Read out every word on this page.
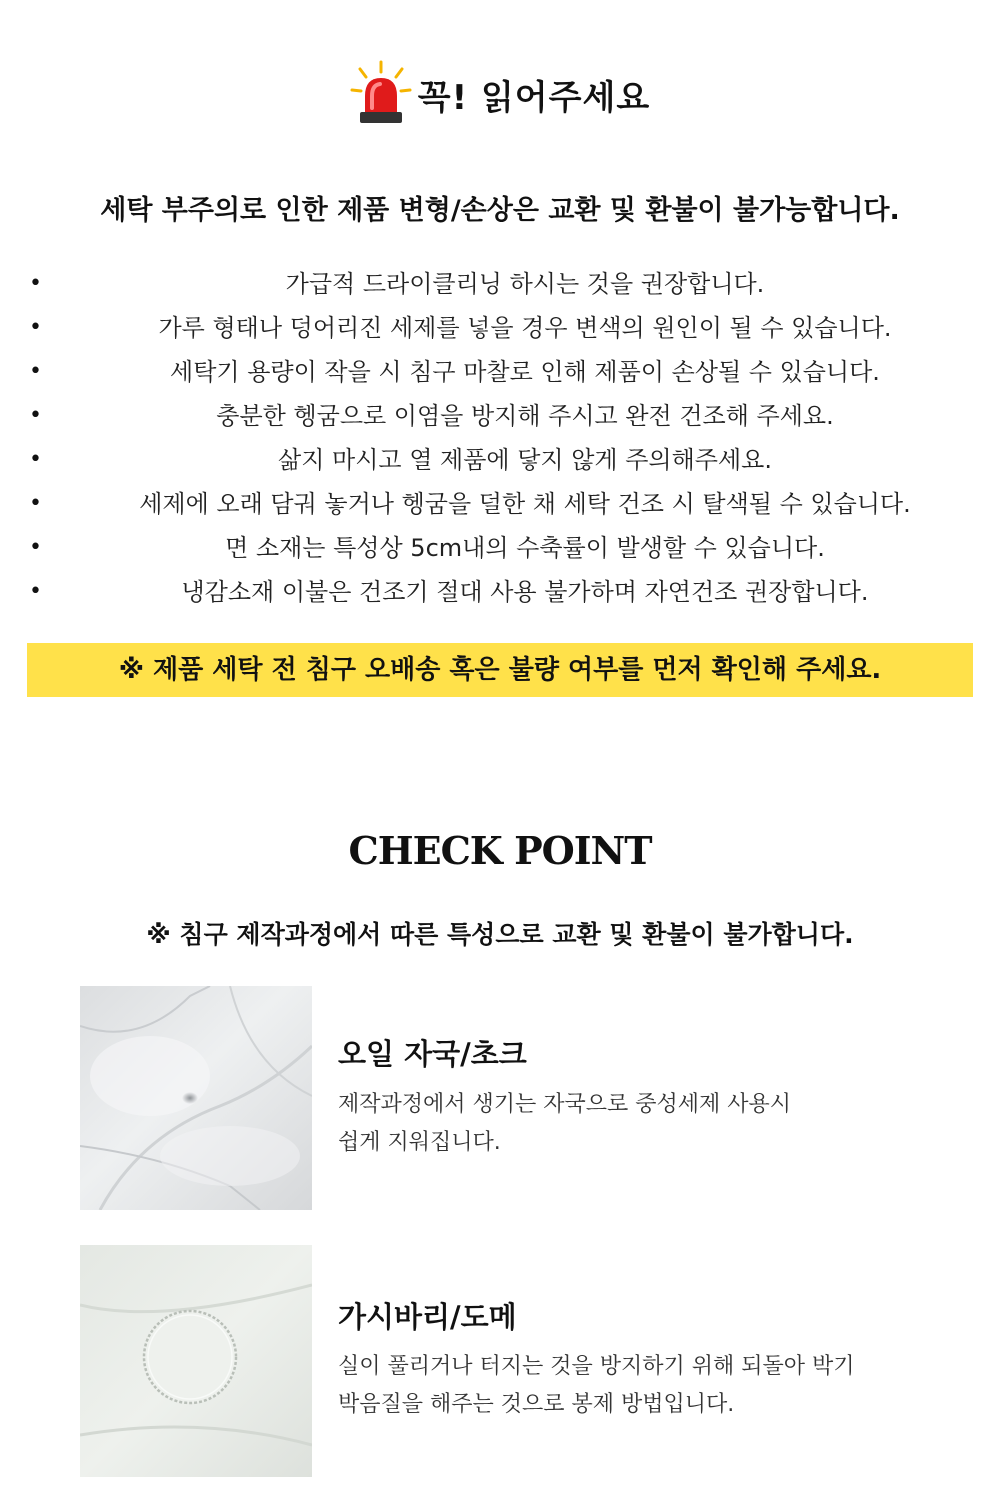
꼭! 읽어주세요
세탁 부주의로 인한 제품 변형/손상은 교환 및 환불이 불가능합니다.
• 가급적 드라이클리닝 하시는 것을 권장합니다.
• 가루 형태나 덩어리진 세제를 넣을 경우 변색의 원인이 될 수 있습니다.
• 세탁기 용량이 작을 시 침구 마찰로 인해 제품이 손상될 수 있습니다.
• 충분한 헹굼으로 이염을 방지해 주시고 완전 건조해 주세요.
• 삶지 마시고 열 제품에 닿지 않게 주의해주세요.
• 세제에 오래 담궈 놓거나 헹굼을 덜한 채 세탁 건조 시 탈색될 수 있습니다.
• 면 소재는 특성상 5cm내의 수축률이 발생할 수 있습니다.
• 냉감소재 이불은 건조기 절대 사용 불가하며 자연건조 권장합니다.
※ 제품 세탁 전 침구 오배송 혹은 불량 여부를 먼저 확인해 주세요.
CHECK POINT
※ 침구 제작과정에서 따른 특성으로 교환 및 환불이 불가합니다.
오일 자국/초크
제작과정에서 생기는 자국으로 중성세제 사용시
쉽게 지워집니다.
가시바리/도메
실이 풀리거나 터지는 것을 방지하기 위해 되돌아 박기
박음질을 해주는 것으로 봉제 방법입니다.
